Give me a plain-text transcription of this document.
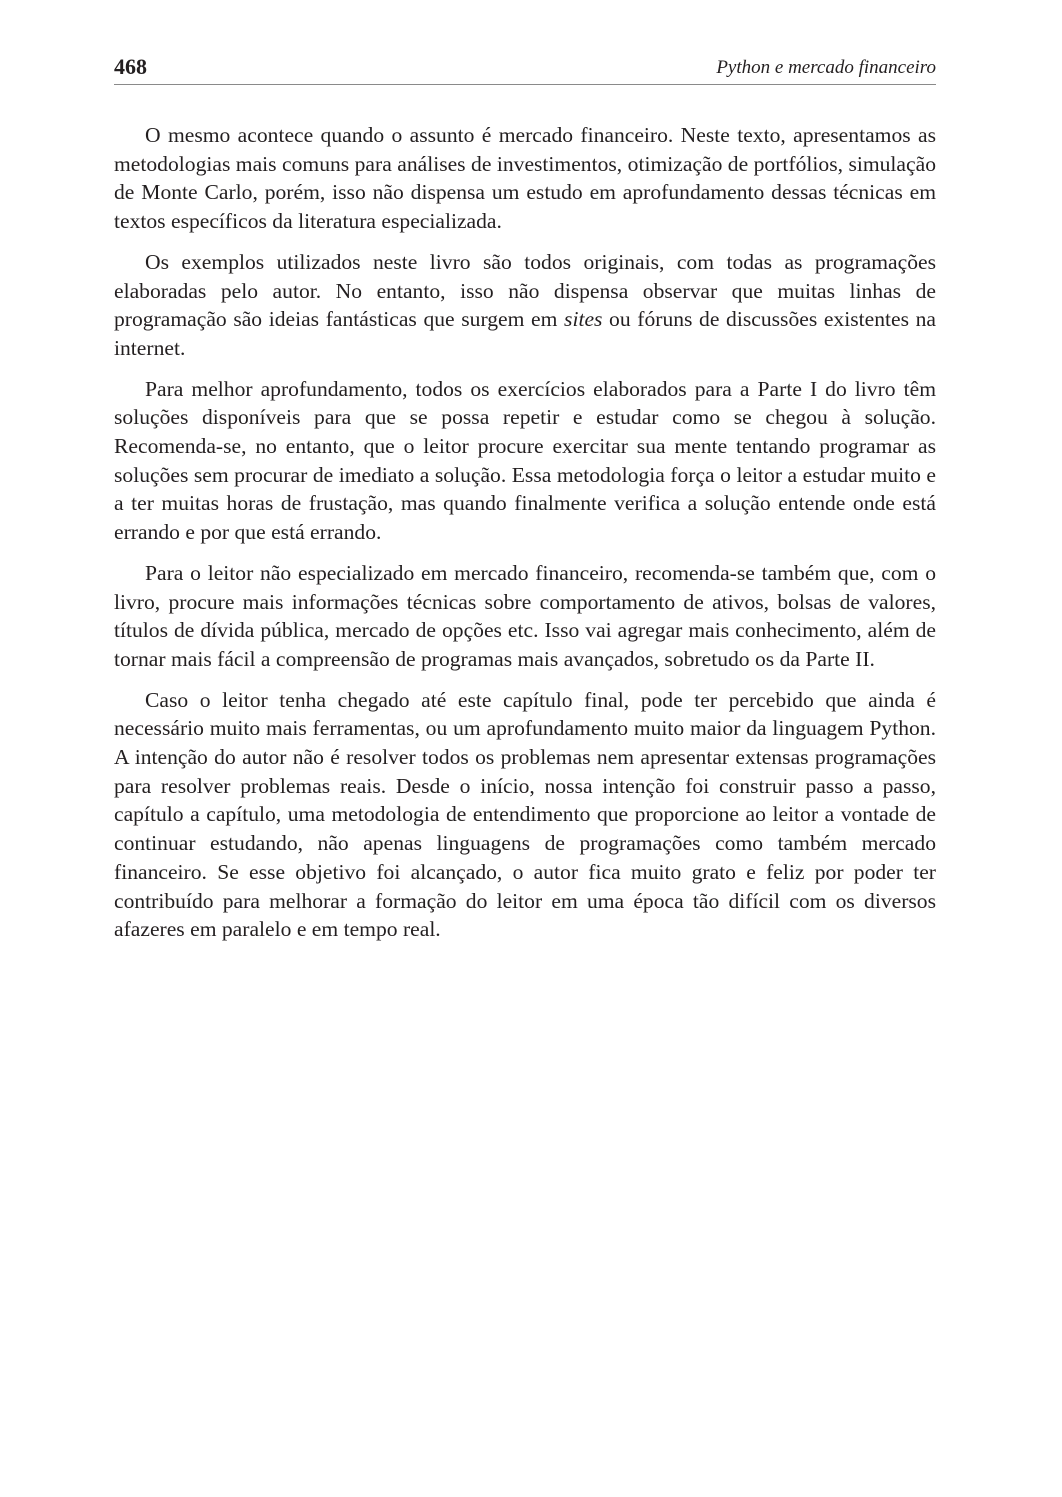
468	Python e mercado financeiro

O mesmo acontece quando o assunto é mercado financeiro. Neste texto, apresentamos as metodologias mais comuns para análises de investimentos, otimização de portfólios, simulação de Monte Carlo, porém, isso não dispensa um estudo em aprofundamento dessas técnicas em textos específicos da literatura especializada.

Os exemplos utilizados neste livro são todos originais, com todas as programações elaboradas pelo autor. No entanto, isso não dispensa observar que muitas linhas de programação são ideias fantásticas que surgem em sites ou fóruns de discussões existentes na internet.

Para melhor aprofundamento, todos os exercícios elaborados para a Parte I do livro têm soluções disponíveis para que se possa repetir e estudar como se chegou à solução. Recomenda-se, no entanto, que o leitor procure exercitar sua mente tentando programar as soluções sem procurar de imediato a solução. Essa metodologia força o leitor a estudar muito e a ter muitas horas de frustação, mas quando finalmente verifica a solução entende onde está errando e por que está errando.

Para o leitor não especializado em mercado financeiro, recomenda-se também que, com o livro, procure mais informações técnicas sobre comportamento de ativos, bolsas de valores, títulos de dívida pública, mercado de opções etc. Isso vai agregar mais conhecimento, além de tornar mais fácil a compreensão de programas mais avançados, sobretudo os da Parte II.

Caso o leitor tenha chegado até este capítulo final, pode ter percebido que ainda é necessário muito mais ferramentas, ou um aprofundamento muito maior da linguagem Python. A intenção do autor não é resolver todos os problemas nem apresentar extensas programações para resolver problemas reais. Desde o início, nossa intenção foi construir passo a passo, capítulo a capítulo, uma metodologia de entendimento que proporcione ao leitor a vontade de continuar estudando, não apenas linguagens de programações como também mercado financeiro. Se esse objetivo foi alcançado, o autor fica muito grato e feliz por poder ter contribuído para melhorar a formação do leitor em uma época tão difícil com os diversos afazeres em paralelo e em tempo real.
